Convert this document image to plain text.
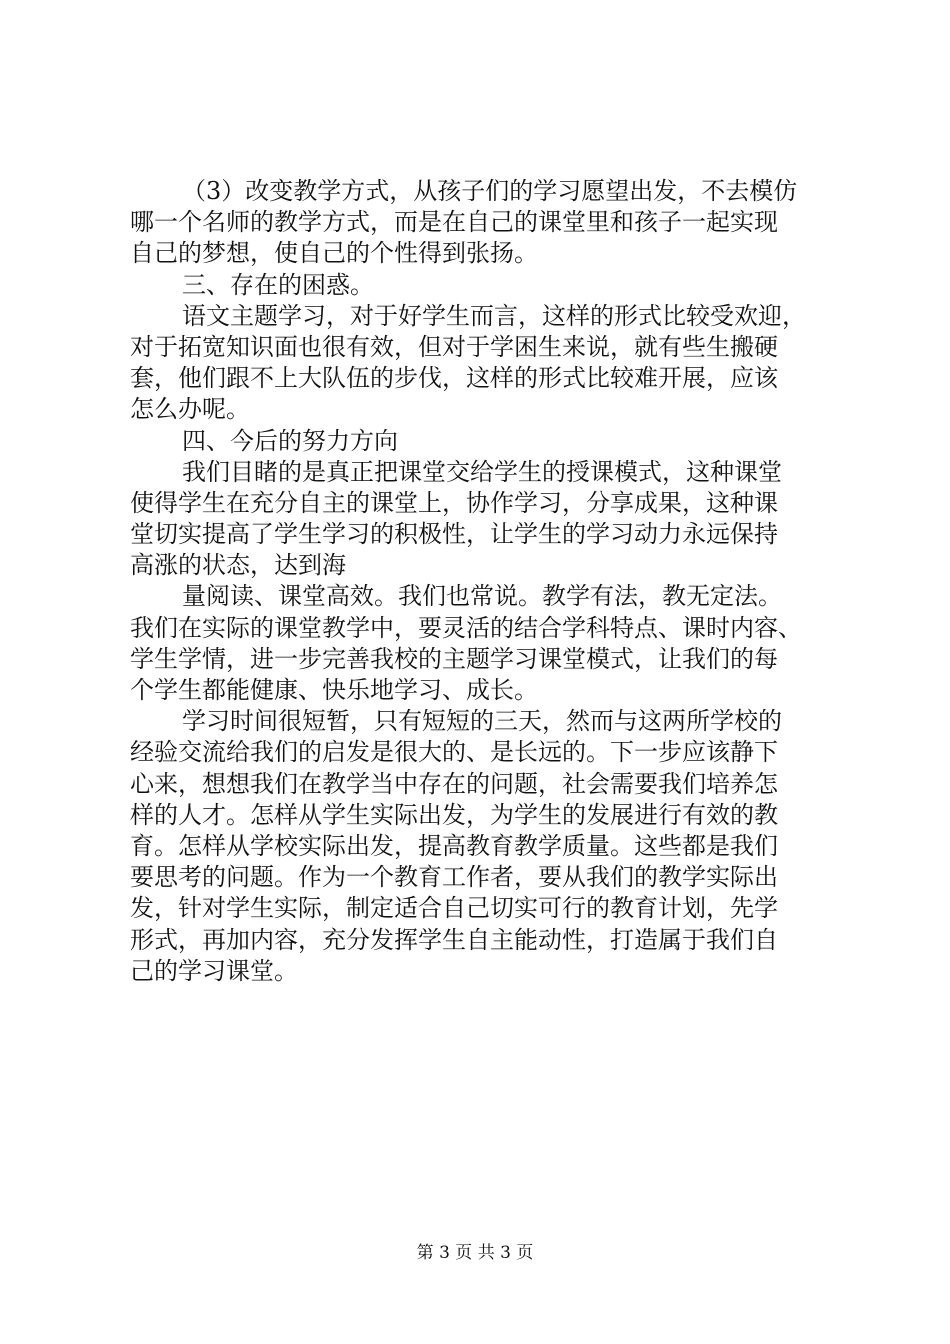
（3）改变教学方式，从孩子们的学习愿望出发，不去模仿
哪一个名师的教学方式，而是在自己的课堂里和孩子一起实现
自己的梦想，使自己的个性得到张扬。
三、存在的困惑。
语文主题学习，对于好学生而言，这样的形式比较受欢迎，
对于拓宽知识面也很有效，但对于学困生来说，就有些生搬硬
套，他们跟不上大队伍的步伐，这样的形式比较难开展，应该
怎么办呢。
四、今后的努力方向
我们目睹的是真正把课堂交给学生的授课模式，这种课堂
使得学生在充分自主的课堂上，协作学习，分享成果，这种课
堂切实提高了学生学习的积极性，让学生的学习动力永远保持
高涨的状态，达到海
量阅读、课堂高效。我们也常说。教学有法，教无定法。
我们在实际的课堂教学中，要灵活的结合学科特点、课时内容、
学生学情，进一步完善我校的主题学习课堂模式，让我们的每
个学生都能健康、快乐地学习、成长。
学习时间很短暂，只有短短的三天，然而与这两所学校的
经验交流给我们的启发是很大的、是长远的。下一步应该静下
心来，想想我们在教学当中存在的问题，社会需要我们培养怎
样的人才。怎样从学生实际出发，为学生的发展进行有效的教
育。怎样从学校实际出发，提高教育教学质量。这些都是我们
要思考的问题。作为一个教育工作者，要从我们的教学实际出
发，针对学生实际，制定适合自己切实可行的教育计划，先学
形式，再加内容，充分发挥学生自主能动性，打造属于我们自
己的学习课堂。
第 3 页 共 3 页
